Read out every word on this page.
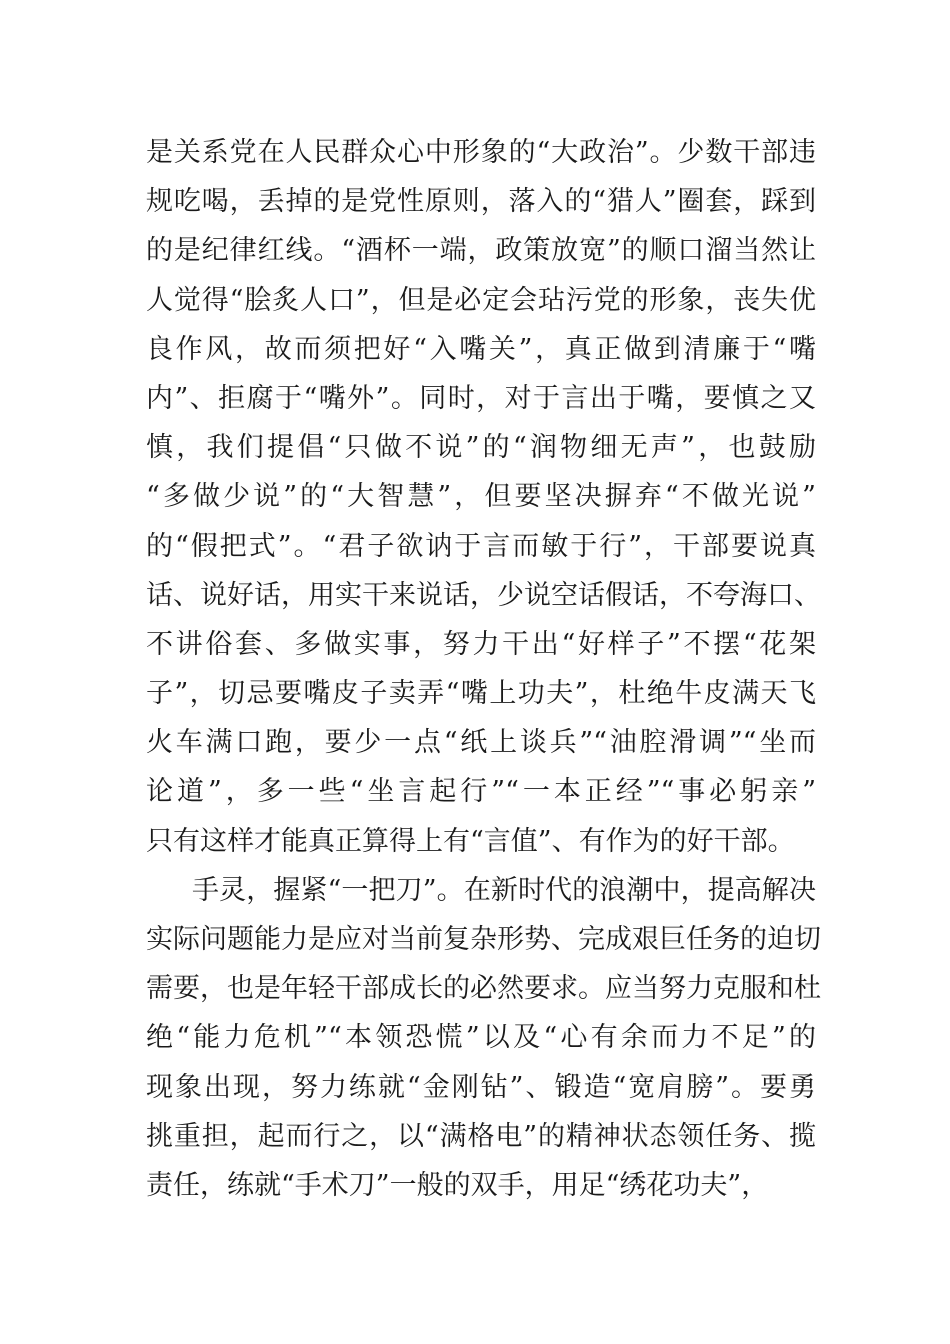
是关系党在人民群众心中形象的“大政治”。少数干部违
规吃喝，丢掉的是党性原则，落入的“猎人”圈套，踩到
的是纪律红线。“酒杯一端，政策放宽”的顺口溜当然让
人觉得“脍炙人口”，但是必定会玷污党的形象，丧失优
良作风，故而须把好“入嘴关”，真正做到清廉于“嘴
内”、拒腐于“嘴外”。同时，对于言出于嘴，要慎之又
慎，我们提倡“只做不说”的“润物细无声”，也鼓励
“多做少说”的“大智慧”，但要坚决摒弃“不做光说”
的“假把式”。“君子欲讷于言而敏于行”，干部要说真
话、说好话，用实干来说话，少说空话假话，不夸海口、
不讲俗套、多做实事，努力干出“好样子”不摆“花架
子”，切忌要嘴皮子卖弄“嘴上功夫”，杜绝牛皮满天飞
火车满口跑，要少一点“纸上谈兵”“油腔滑调”“坐而
论道”，多一些“坐言起行”“一本正经”“事必躬亲”
只有这样才能真正算得上有“言值”、有作为的好干部。
手灵，握紧“一把刀”。在新时代的浪潮中，提高解决
实际问题能力是应对当前复杂形势、完成艰巨任务的迫切
需要，也是年轻干部成长的必然要求。应当努力克服和杜
绝“能力危机”“本领恐慌”以及“心有余而力不足”的
现象出现，努力练就“金刚钻”、锻造“宽肩膀”。要勇
挑重担，起而行之，以“满格电”的精神状态领任务、揽
责任，练就“手术刀”一般的双手，用足“绣花功夫”，
